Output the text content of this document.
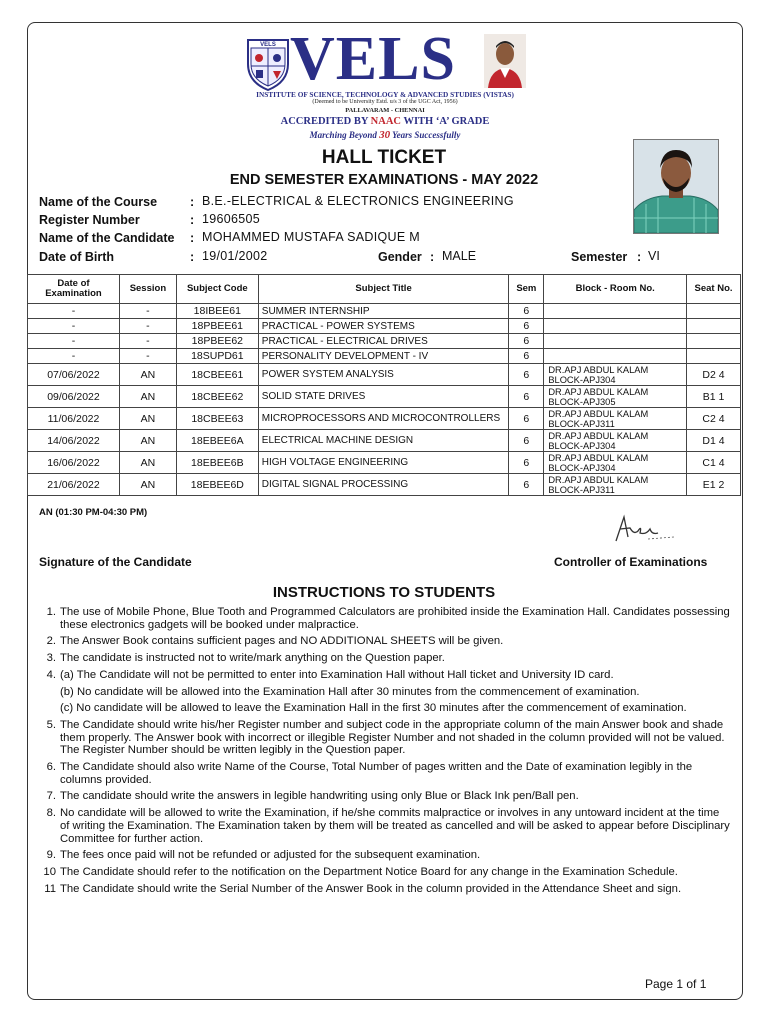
VELS VELS
INSTITUTE OF SCIENCE, TECHNOLOGY & ADVANCED STUDIES (VISTAS)
(Deemed to be University Estd. u/s 3 of the UGC Act, 1956)
PALLAVARAM - CHENNAI
ACCREDITED BY NAAC WITH ‘A’ GRADE
Marching Beyond 30 Years Successfully
HALL TICKET
END SEMESTER EXAMINATIONS - MAY 2022
Name of the Course	: B.E.-ELECTRICAL & ELECTRONICS ENGINEERING
Register Number	: 19606505
Name of the Candidate : MOHAMMED MUSTAFA SADIQUE M
Date of Birth	: 19/01/2002	Gender : MALE	Semester : VI
Date of Examination	Session	Subject Code	Subject Title	Sem	Block - Room No.	Seat No.
-	-	18IBEE61	SUMMER INTERNSHIP	6		
-	-	18PBEE61	PRACTICAL - POWER SYSTEMS	6		
-	-	18PBEE62	PRACTICAL - ELECTRICAL DRIVES	6		
-	-	18SUPD61	PERSONALITY DEVELOPMENT - IV	6		
07/06/2022	AN	18CBEE61	POWER SYSTEM ANALYSIS	6	DR.APJ ABDUL KALAM
BLOCK-APJ304	D2 4
09/06/2022	AN	18CBEE62	SOLID STATE DRIVES	6	DR.APJ ABDUL KALAM
BLOCK-APJ305	B1 1
11/06/2022	AN	18CBEE63	MICROPROCESSORS AND MICROCONTROLLERS	6	DR.APJ ABDUL KALAM
BLOCK-APJ311	C2 4
14/06/2022	AN	18EBEE6A	ELECTRICAL MACHINE DESIGN	6	DR.APJ ABDUL KALAM
BLOCK-APJ304	D1 4
16/06/2022	AN	18EBEE6B	HIGH VOLTAGE ENGINEERING	6	DR.APJ ABDUL KALAM
BLOCK-APJ304	C1 4
21/06/2022	AN	18EBEE6D	DIGITAL SIGNAL PROCESSING	6	DR.APJ ABDUL KALAM
BLOCK-APJ311	E1 2
AN (01:30 PM-04:30 PM)
Signature of the Candidate	Controller of Examinations
INSTRUCTIONS TO STUDENTS
1. The use of Mobile Phone, Blue Tooth and Programmed Calculators are prohibited inside the Examination Hall. Candidates possessing these electronics gadgets will be booked under malpractice.
2. The Answer Book contains sufficient pages and NO ADDITIONAL SHEETS will be given.
3. The candidate is instructed not to write/mark anything on the Question paper.
4. (a) The Candidate will not be permitted to enter into Examination Hall without Hall ticket and University ID card.
(b) No candidate will be allowed into the Examination Hall after 30 minutes from the commencement of examination.
(c) No candidate will be allowed to leave the Examination Hall in the first 30 minutes after the commencement of examination.
5. The Candidate should write his/her Register number and subject code in the appropriate column of the main Answer book and shade them properly. The Answer book with incorrect or illegible Register Number and not shaded in the column provided will not be valued. The Register Number should be written legibly in the Question paper.
6. The Candidate should also write Name of the Course, Total Number of pages written and the Date of examination legibly in the columns provided.
7. The candidate should write the answers in legible handwriting using only Blue or Black Ink pen/Ball pen.
8. No candidate will be allowed to write the Examination, if he/she commits malpractice or involves in any untoward incident at the time of writing the Examination. The Examination taken by them will be treated as cancelled and will be asked to appear before Disciplinary Committee for further action.
9. The fees once paid will not be refunded or adjusted for the subsequent examination.
10 The Candidate should refer to the notification on the Department Notice Board for any change in the Examination Schedule.
11 The Candidate should write the Serial Number of the Answer Book in the column provided in the Attendance Sheet and sign.
Page 1 of 1
